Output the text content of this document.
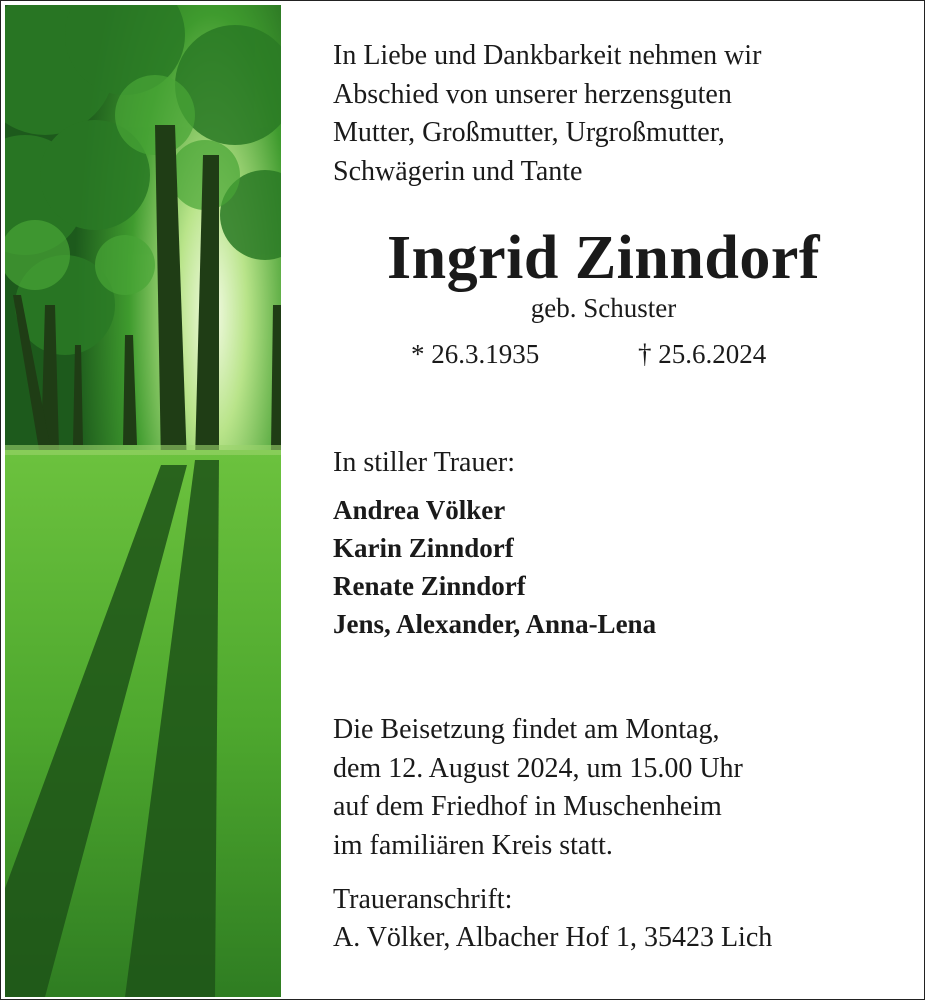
In Liebe und Dankbarkeit nehmen wir
Abschied von unserer herzensguten
Mutter, Großmutter, Urgroßmutter,
Schwägerin und Tante
Ingrid Zinndorf
geb. Schuster
* 26.3.1935	† 25.6.2024
In stiller Trauer:
Andrea Völker
Karin Zinndorf
Renate Zinndorf
Jens, Alexander, Anna-Lena
Die Beisetzung findet am Montag,
dem 12. August 2024, um 15.00 Uhr
auf dem Friedhof in Muschenheim
im familiären Kreis statt.
Traueranschrift:
A. Völker, Albacher Hof 1, 35423 Lich
